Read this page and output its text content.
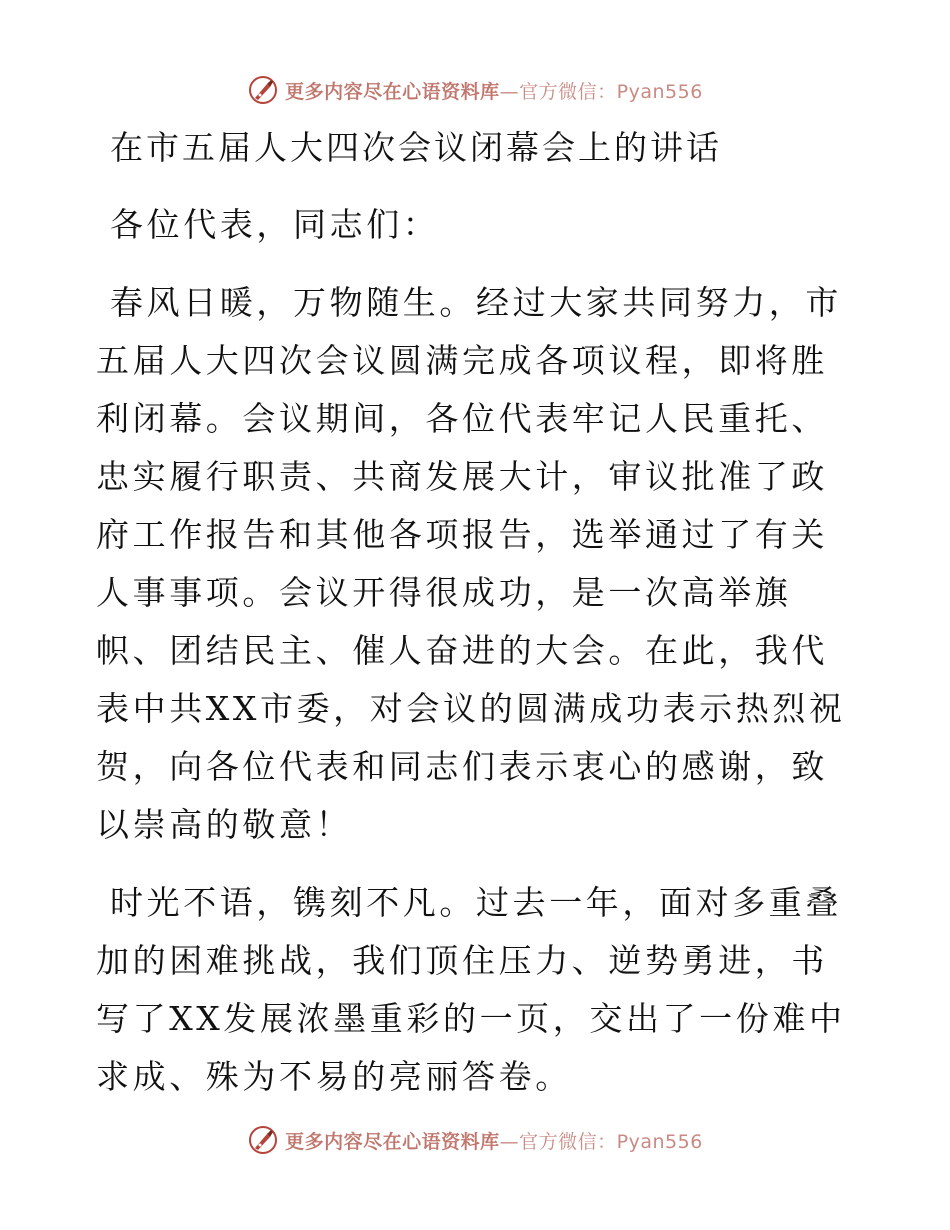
更多内容尽在心语资料库—官方微信：Pyan556
在市五届人大四次会议闭幕会上的讲话

各位代表，同志们：

春风日暖，万物随生。经过大家共同努力，市五届人大四次会议圆满完成各项议程，即将胜利闭幕。会议期间，各位代表牢记人民重托、忠实履行职责、共商发展大计，审议批准了政府工作报告和其他各项报告，选举通过了有关人事事项。会议开得很成功，是一次高举旗帜、团结民主、催人奋进的大会。在此，我代表中共XX市委，对会议的圆满成功表示热烈祝贺，向各位代表和同志们表示衷心的感谢，致以崇高的敬意！

时光不语，镌刻不凡。过去一年，面对多重叠加的困难挑战，我们顶住压力、逆势勇进，书写了XX发展浓墨重彩的一页，交出了一份难中求成、殊为不易的亮丽答卷。

更多内容尽在心语资料库—官方微信：Pyan556
